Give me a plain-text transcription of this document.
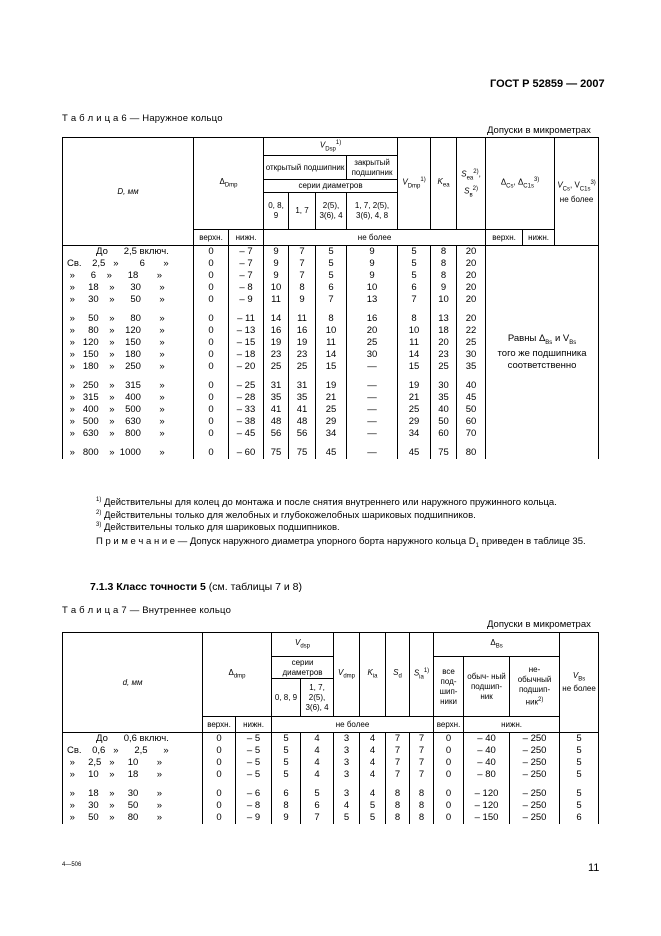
ГОСТ Р 52859 — 2007
Т а б л и ц а 6 — Наружное кольцо
Допуски в микрометрах
D, мм	$\Delta_{Dmp}$		$V_{Dsp}^{1)}$				$V_{Dmp}^{1)}$	$K_{ea}$	$S_{ea}^{2)}$,
$S_в^{2)}$	$\Delta_{Cs}$, $\Delta_{C1s}^{3)}$		$V_{Cs}$, $V_{C1s}^{3)}$
не более
			открытый подшипник			закрытый подшипник						
			серии диаметров									
			0, 8, 9	1, 7	2(5), 3(6), 4	1, 7, 2(5), 3(6), 4, 8						
	верхн.	нижн.	не более							верхн.	нижн.	
До      2,5 включ.	0	– 7	9	7	5	9	5	8	20	Равны $\Delta_{Bs}$ и $V_{Bs}$
того же подшипника соответственно		
Св.    2,5   »        6       »	0	– 7	9	7	5	9	5	8	20			
»      6    »      18       »	0	– 7	9	7	5	9	5	8	20			
»     18    »      30       »	0	– 8	10	8	6	10	6	9	20			
»     30    »      50       »	0	– 9	11	9	7	13	7	10	20			

»     50    »      80       »	0	– 11	14	11	8	16	8	13	20			
»     80    »    120       »	0	– 13	16	16	10	20	10	18	22			
»   120    »    150       »	0	– 15	19	19	11	25	11	20	25			
»   150    »    180       »	0	– 18	23	23	14	30	14	23	30			
»   180    »    250       »	0	– 20	25	25	15	—	15	25	35			

»   250    »    315       »	0	– 25	31	31	19	—	19	30	40			
»   315    »    400       »	0	– 28	35	35	21	—	21	35	45			
»   400    »    500       »	0	– 33	41	41	25	—	25	40	50			
»   500    »    630       »	0	– 38	48	48	29	—	29	50	60			
»   630    »    800       »	0	– 45	56	56	34	—	34	60	70			

»   800    »  1000       »	0	– 60	75	75	45	—	45	75	80			
$^{1)}$ Действительны для колец до монтажа и после снятия внутреннего или наружного пружинного кольца.
$^{2)}$ Действительны только для желобных и глубокожелобных шариковых подшипников.
$^{3)}$ Действительны только для шариковых подшипников.
П р и м е ч а н и е — Допуск наружного диаметра упорного борта наружного кольца $D_1$ приведен в таблице 35.
7.1.3 Класс точности 5 (см. таблицы 7 и 8)
Т а б л и ц а 7 — Внутреннее кольцо
Допуски в микрометрах
d, мм	$\Delta_{dmp}$		$V_{dsp}$		$V_{dmp}$	$K_{ia}$	$S_d$	$S_{ia}^{1)}$	$\Delta_{Bs}$			$V_{Bs}$
не более
			серии диаметров						все под- шип- ники	обыч- ный подшип- ник	не- обычный подшип- ник$^{2)}$
			0, 8, 9	1, 7, 2(5), 3(6), 4								
	верхн.	нижн.	не более						верхн.	нижн.		
До      0,6 включ.	0	– 5	5	4	3	4	7	7	0	– 40	– 250	5
Св.    0,6   »      2,5      »	0	– 5	5	4	3	4	7	7	0	– 40	– 250	5
»     2,5   »     10       »	0	– 5	5	4	3	4	7	7	0	– 40	– 250	5
»     10    »     18       »	0	– 5	5	4	3	4	7	7	0	– 80	– 250	5

»     18    »     30       »	0	– 6	6	5	3	4	8	8	0	– 120	– 250	5
»     30    »     50       »	0	– 8	8	6	4	5	8	8	0	– 120	– 250	5
»     50    »     80       »	0	– 9	9	7	5	5	8	8	0	– 150	– 250	6
4—506	11
